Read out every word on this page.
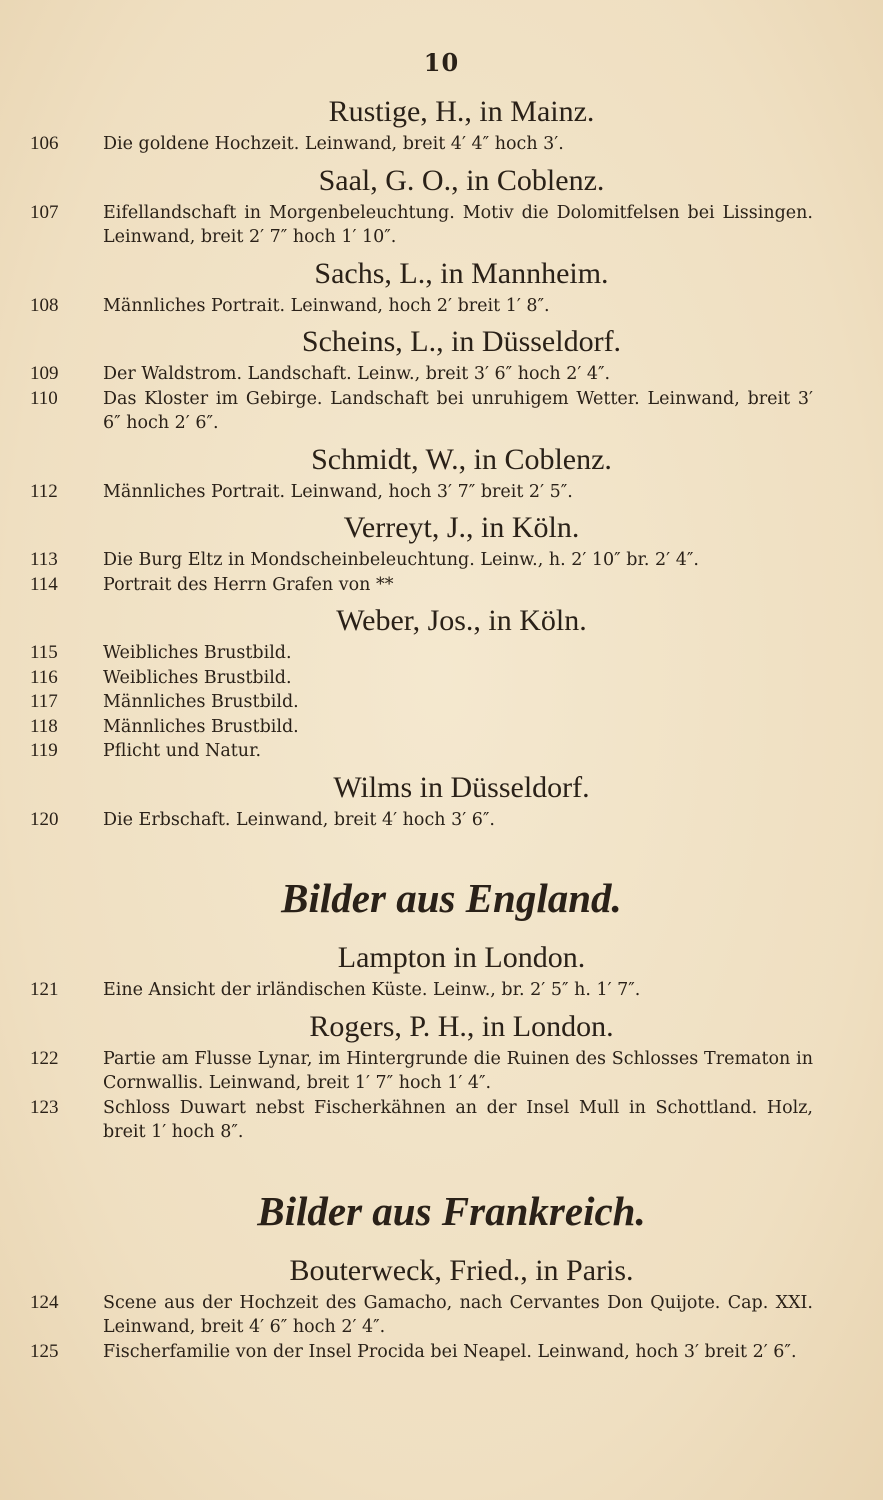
10
Rustige, H., in Mainz.
106	Die goldene Hochzeit. Leinwand, breit 4′ 4″ hoch 3′.
Saal, G. O., in Coblenz.
107	Eifellandschaft in Morgenbeleuchtung. Motiv die Dolomitfelsen bei Lissingen. Leinwand, breit 2′ 7″ hoch 1′ 10″.
Sachs, L., in Mannheim.
108	Männliches Portrait. Leinwand, hoch 2′ breit 1′ 8″.
Scheins, L., in Düsseldorf.
109	Der Waldstrom. Landschaft. Leinw., breit 3′ 6″ hoch 2′ 4″.
110	Das Kloster im Gebirge. Landschaft bei unruhigem Wetter. Leinwand, breit 3′ 6″ hoch 2′ 6″.
Schmidt, W., in Coblenz.
112	Männliches Portrait. Leinwand, hoch 3′ 7″ breit 2′ 5″.
Verreyt, J., in Köln.
113	Die Burg Eltz in Mondscheinbeleuchtung. Leinw., h. 2′ 10″ br. 2′ 4″.
114	Portrait des Herrn Grafen von **
Weber, Jos., in Köln.
115	Weibliches Brustbild.
116	Weibliches Brustbild.
117	Männliches Brustbild.
118	Männliches Brustbild.
119	Pflicht und Natur.
Wilms in Düsseldorf.
120	Die Erbschaft. Leinwand, breit 4′ hoch 3′ 6″.
Bilder aus England.
Lampton in London.
121	Eine Ansicht der irländischen Küste. Leinw., br. 2′ 5″ h. 1′ 7″.
Rogers, P. H., in London.
122	Partie am Flusse Lynar, im Hintergrunde die Ruinen des Schlosses Trematon in Cornwallis. Leinwand, breit 1′ 7″ hoch 1′ 4″.
123	Schloss Duwart nebst Fischerkähnen an der Insel Mull in Schottland. Holz, breit 1′ hoch 8″.
Bilder aus Frankreich.
Bouterweck, Fried., in Paris.
124	Scene aus der Hochzeit des Gamacho, nach Cervantes Don Quijote. Cap. XXI. Leinwand, breit 4′ 6″ hoch 2′ 4″.
125	Fischerfamilie von der Insel Procida bei Neapel. Leinwand, hoch 3′ breit 2′ 6″.
